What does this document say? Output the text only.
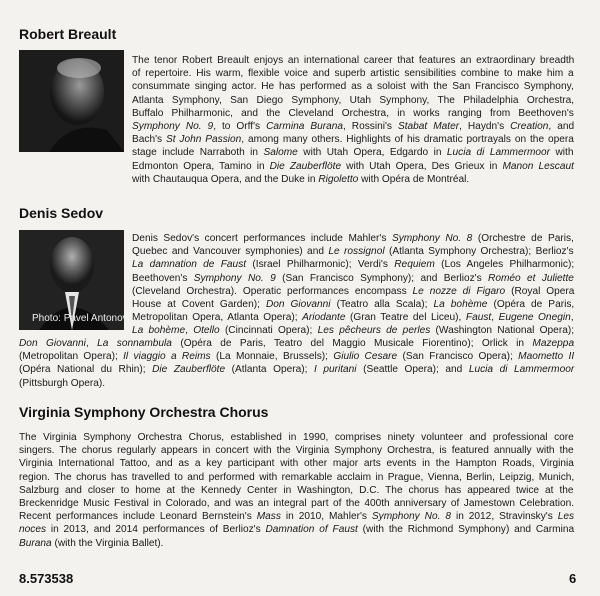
Robert Breault

The tenor Robert Breault enjoys an international career that features an extraordinary breadth
of repertoire. His warm, flexible voice and superb artistic sensibilities combine to make him a
consummate singing actor. He has performed as a soloist with the San Francisco Symphony,
Atlanta Symphony, San Diego Symphony, Utah Symphony, The Philadelphia Orchestra,
Buffalo Philharmonic, and the Cleveland Orchestra, in works ranging from Beethoven's
Symphony No. 9, to Orff's Carmina Burana, Rossini's Stabat Mater, Haydn's Creation, and
Bach's St John Passion, among many others. Highlights of his dramatic portrayals on the opera
stage include Narraboth in Salome with Utah Opera, Edgardo in Lucia di Lammermoor with
Edmonton Opera, Tamino in Die Zauberflöte with Utah Opera, Des Grieux in Manon Lescaut
with Chautauqua Opera, and the Duke in Rigoletto with Opéra de Montréal.

Denis Sedov
Photo: Pavel Antonov

Denis Sedov's concert performances include Mahler's Symphony No. 8 (Orchestre de Paris,
Quebec and Vancouver symphonies) and Le rossignol (Atlanta Symphony Orchestra); Berlioz's
La damnation de Faust (Israel Philharmonic); Verdi's Requiem (Los Angeles Philharmonic);
Beethoven's Symphony No. 9 (San Francisco Symphony); and Berlioz's Roméo et Juliette
(Cleveland Orchestra). Operatic performances encompass Le nozze di Figaro (Royal Opera
House at Covent Garden); Don Giovanni (Teatro alla Scala); La bohème (Opéra de Paris,
Metropolitan Opera, Atlanta Opera); Ariodante (Gran Teatre del Liceu), Faust, Eugene Onegin,
La bohème, Otello (Cincinnati Opera); Les pêcheurs de perles (Washington National Opera);

Don Giovanni, La sonnambula (Opéra de Paris, Teatro del Maggio Musicale Fiorentino); Orlick in Mazeppa
(Metropolitan Opera); Il viaggio a Reims (La Monnaie, Brussels); Giulio Cesare (San Francisco Opera); Maometto II
(Opéra National du Rhin); Die Zauberflöte (Atlanta Opera); I puritani (Seattle Opera); and Lucia di Lammermoor
(Pittsburgh Opera).

Virginia Symphony Orchestra Chorus

The Virginia Symphony Orchestra Chorus, established in 1990, comprises ninety volunteer and professional core
singers. The chorus regularly appears in concert with the Virginia Symphony Orchestra, is featured annually with the
Virginia International Tattoo, and as a key participant with other major arts events in the Hampton Roads, Virginia
region. The chorus has travelled to and performed with remarkable acclaim in Prague, Vienna, Berlin, Leipzig, Munich,
Salzburg and closer to home at the Kennedy Center in Washington, D.C. The chorus has appeared twice at the
Breckenridge Music Festival in Colorado, and was an integral part of the 400th anniversary of Jamestown Celebration.
Recent performances include Leonard Bernstein's Mass in 2010, Mahler's Symphony No. 8 in 2012, Stravinsky's Les
noces in 2013, and 2014 performances of Berlioz's Damnation of Faust (with the Richmond Symphony) and Carmina
Burana (with the Virginia Ballet).

8.573538	6
